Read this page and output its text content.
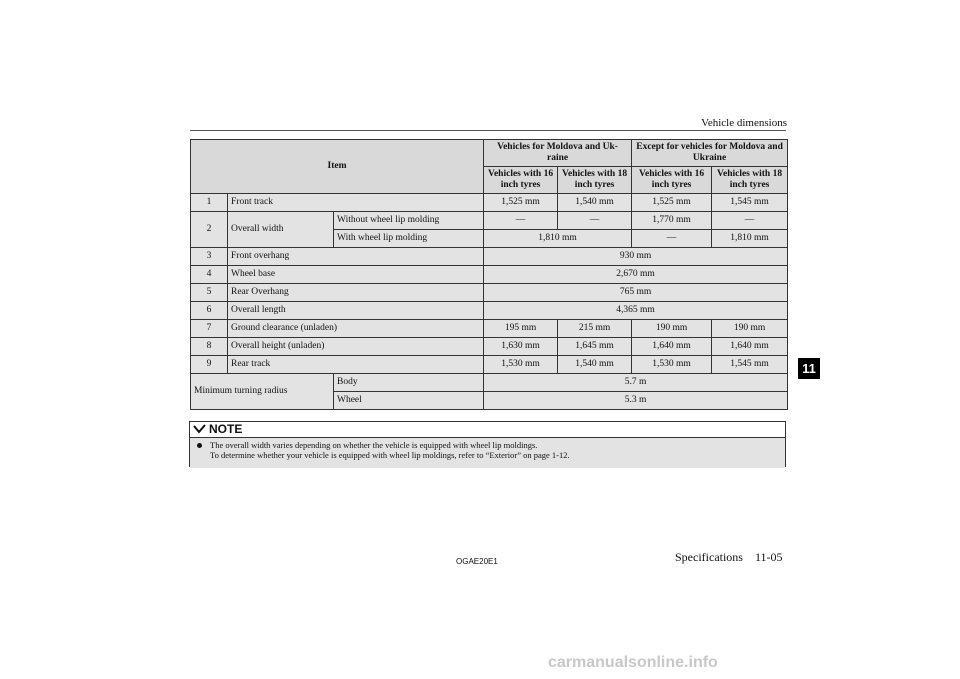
Vehicle dimensions
Item			Vehicles for Moldova and Uk-raine		Except for vehicles for Moldova and Ukraine	
			Vehicles with 16 inch tyres	Vehicles with 18 inch tyres	Vehicles with 16 inch tyres	Vehicles with 18 inch tyres
1	Front track		1,525 mm	1,540 mm	1,525 mm	1,545 mm
2	Overall width	Without wheel lip molding	—	—	1,770 mm	—
		With wheel lip molding	1,810 mm		—	1,810 mm
3	Front overhang		930 mm			
4	Wheel base		2,670 mm			
5	Rear Overhang		765 mm			
6	Overall length		4,365 mm			
7	Ground clearance (unladen)		195 mm	215 mm	190 mm	190 mm
8	Overall height (unladen)		1,630 mm	1,645 mm	1,640 mm	1,640 mm
9	Rear track		1,530 mm	1,540 mm	1,530 mm	1,545 mm
Minimum turning radius		Body	5.7 m			
		Wheel	5.3 m			
NOTE
The overall width varies depending on whether the vehicle is equipped with wheel lip moldings.
To determine whether your vehicle is equipped with wheel lip moldings, refer to “Exterior” on page 1-12.
11
OGAE20E1	Specifications 11-05
carmanualsonline.info
